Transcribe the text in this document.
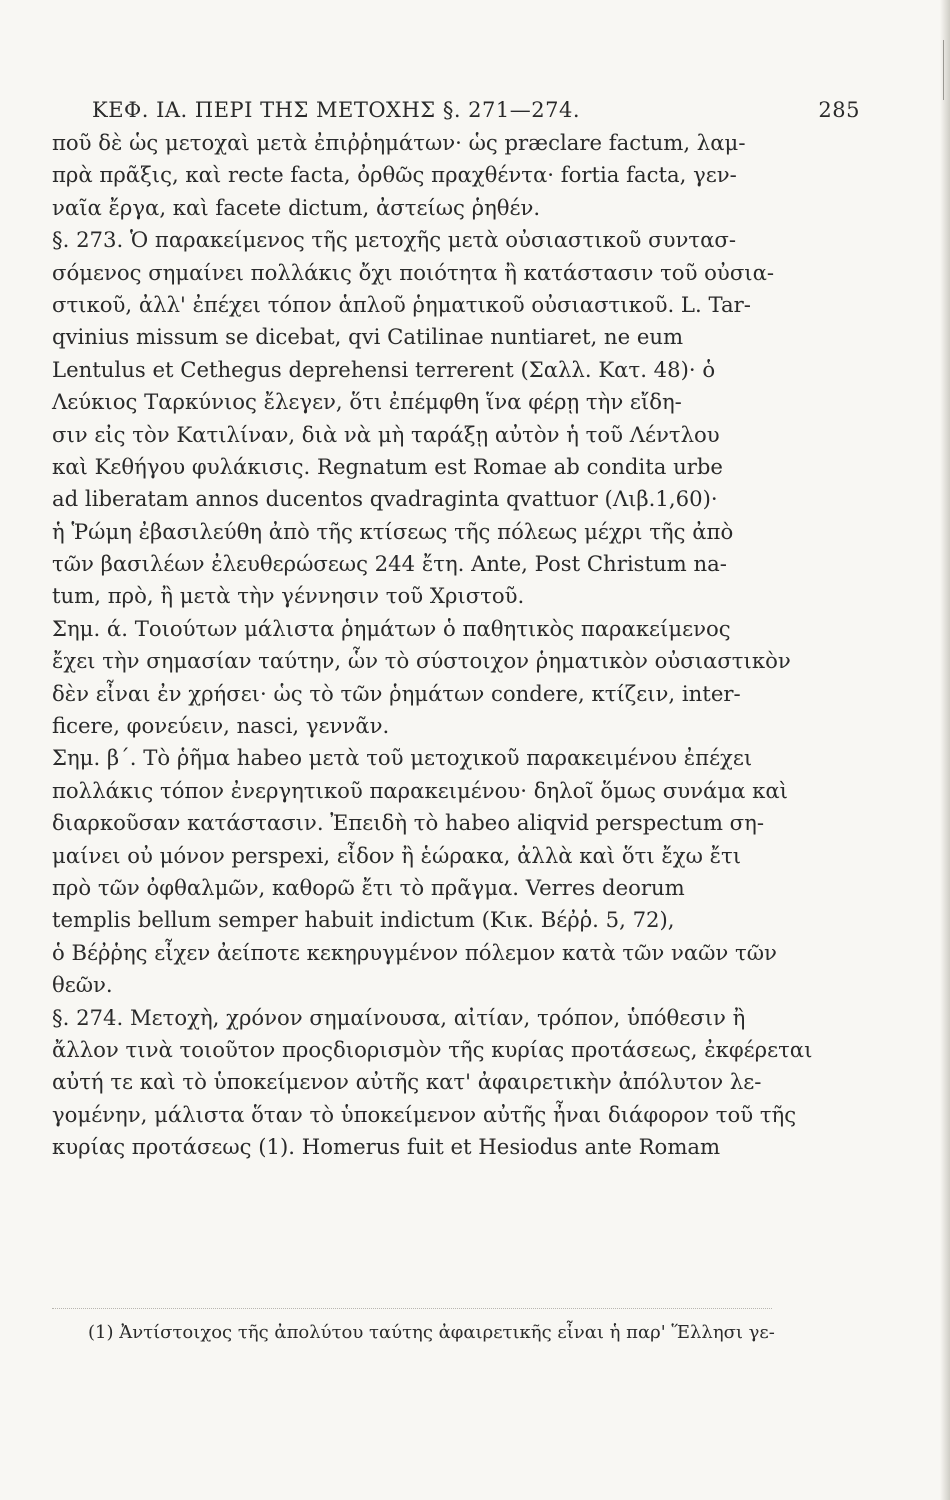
ΚΕΦ. ΙΑ. ΠΕΡΙ ΤΗΣ ΜΕΤΟΧΗΣ §. 271—274.	285
ποῦ δὲ ὡς μετοχαὶ μετὰ ἐπιῤῥημάτων· ὡς præclare factum, λαμ-
πρὰ πρᾶξις, καὶ recte facta, ὀρθῶς πραχθέντα· fortia facta, γεν-
ναῖα ἔργα, καὶ facete dictum, ἀστείως ῥηθέν.
§. 273. Ὁ παρακείμενος τῆς μετοχῆς μετὰ οὐσιαστικοῦ συντασ-
σόμενος σημαίνει πολλάκις ὄχι ποιότητα ἢ κατάστασιν τοῦ οὐσια-
στικοῦ, ἀλλ' ἐπέχει τόπον ἁπλοῦ ῥηματικοῦ οὐσιαστικοῦ. L. Tar-
qvinius missum se dicebat, qvi Catilinae nuntiaret, ne eum
Lentulus et Cethegus deprehensi terrerent (Σαλλ. Κατ. 48)· ὁ
Λεύκιος Ταρκύνιος ἔλεγεν, ὅτι ἐπέμφθη ἵνα φέρῃ τὴν εἴδη-
σιν εἰς τὸν Κατιλίναν, διὰ νὰ μὴ ταράξῃ αὐτὸν ἡ τοῦ Λέντλου
καὶ Κεθήγου φυλάκισις. Regnatum est Romae ab condita urbe
ad liberatam annos ducentos qvadraginta qvattuor (Λιβ.1,60)·
ἡ Ῥώμη ἐβασιλεύθη ἀπὸ τῆς κτίσεως τῆς πόλεως μέχρι τῆς ἀπὸ
τῶν βασιλέων ἐλευθερώσεως 244 ἔτη. Ante, Post Christum na-
tum, πρὸ, ἢ μετὰ τὴν γέννησιν τοῦ Χριστοῦ.
Σημ. ά. Τοιούτων μάλιστα ῥημάτων ὁ παθητικὸς παρακείμενος
ἔχει τὴν σημασίαν ταύτην, ὧν τὸ σύστοιχον ῥηματικὸν οὐσιαστικὸν
δὲν εἶναι ἐν χρήσει· ὡς τὸ τῶν ῥημάτων condere, κτίζειν, inter-
ficere, φονεύειν, nasci, γεννᾶν.
Σημ. β΄. Τὸ ῥῆμα habeo μετὰ τοῦ μετοχικοῦ παρακειμένου ἐπέχει
πολλάκις τόπον ἐνεργητικοῦ παρακειμένου· δηλοῖ ὅμως συνάμα καὶ
διαρκοῦσαν κατάστασιν. Ἐπειδὴ τὸ habeo aliqvid perspectum ση-
μαίνει οὐ μόνον perspexi, εἶδον ἢ ἑώρακα, ἀλλὰ καὶ ὅτι ἔχω ἔτι
πρὸ τῶν ὀφθαλμῶν, καθορῶ ἔτι τὸ πρᾶγμα. Verres deorum
templis bellum semper habuit indictum (Κικ. Βέῤῥ. 5, 72),
ὁ Βέῤῥης εἶχεν ἀείποτε κεκηρυγμένον πόλεμον κατὰ τῶν ναῶν τῶν
θεῶν.
§. 274. Μετοχὴ, χρόνον σημαίνουσα, αἰτίαν, τρόπον, ὑπόθεσιν ἢ
ἄλλον τινὰ τοιοῦτον προςδιορισμὸν τῆς κυρίας προτάσεως, ἐκφέρεται
αὐτή τε καὶ τὸ ὑποκείμενον αὐτῆς κατ' ἀφαιρετικὴν ἀπόλυτον λε-
γομένην, μάλιστα ὅταν τὸ ὑποκείμενον αὐτῆς ἦναι διάφορον τοῦ τῆς
κυρίας προτάσεως (1). Homerus fuit et Hesiodus ante Romam
(1) Ἀντίστοιχος τῆς ἀπολύτου ταύτης ἀφαιρετικῆς εἶναι ἡ παρ' Ἕλλησι γε-
